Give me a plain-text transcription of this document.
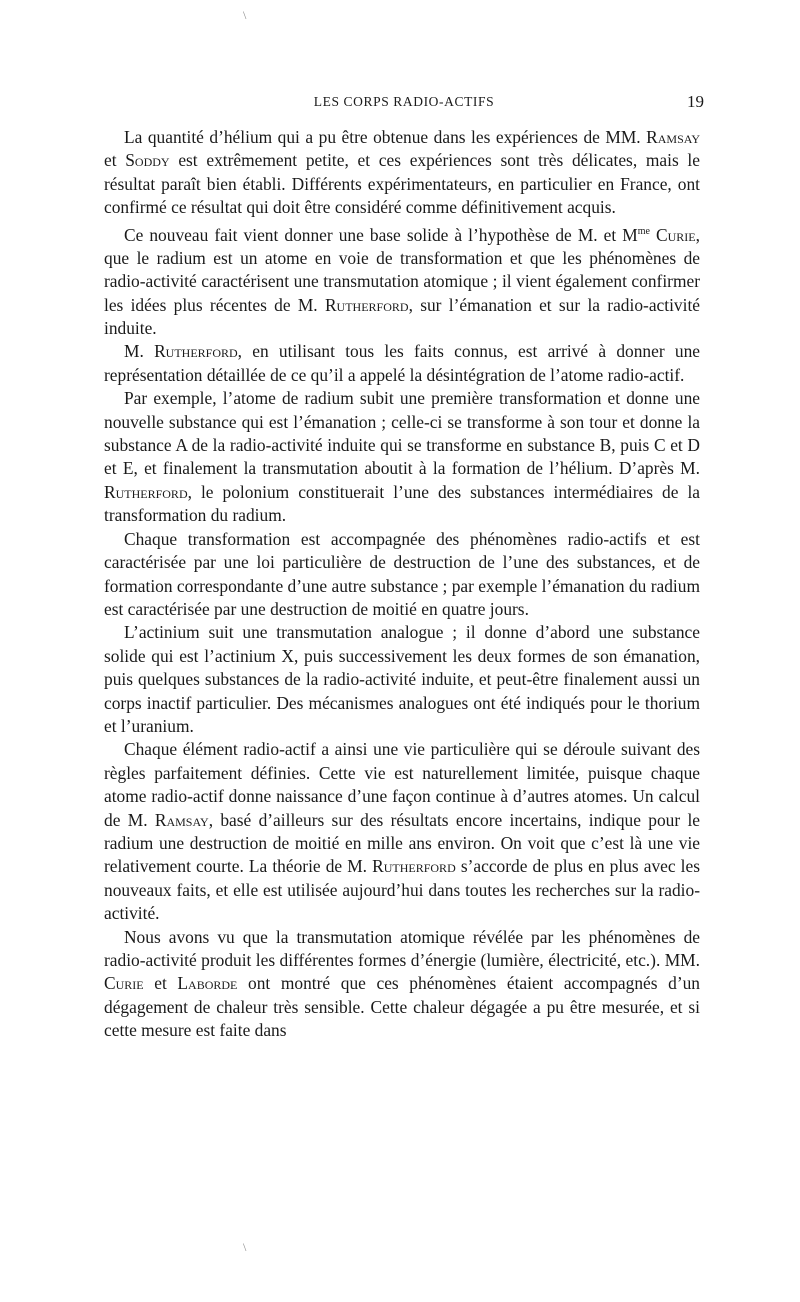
LES CORPS RADIO-ACTIFS	19

La quantité d’hélium qui a pu être obtenue dans les expériences de MM. Ramsay et Soddy est extrêmement petite, et ces expériences sont très délicates, mais le résultat paraît bien établi. Différents expérimentateurs, en particulier en France, ont confirmé ce résultat qui doit être considéré comme définitivement acquis.

Ce nouveau fait vient donner une base solide à l’hypothèse de M. et $M^{me}$ Curie, que le radium est un atome en voie de transformation et que les phénomènes de radio-activité caractérisent une transmutation atomique ; il vient également confirmer les idées plus récentes de M. Rutherford, sur l’émanation et sur la radio-activité induite.

M. Rutherford, en utilisant tous les faits connus, est arrivé à donner une représentation détaillée de ce qu’il a appelé la désintégration de l’atome radio-actif.

Par exemple, l’atome de radium subit une première transformation et donne une nouvelle substance qui est l’émanation ; celle-ci se transforme à son tour et donne la substance A de la radio-activité induite qui se transforme en substance B, puis C et D et E, et finalement la transmutation aboutit à la formation de l’hélium. D’après M. Rutherford, le polonium constituerait l’une des substances intermédiaires de la transformation du radium.

Chaque transformation est accompagnée des phénomènes radio-actifs et est caractérisée par une loi particulière de destruction de l’une des substances, et de formation correspondante d’une autre substance ; par exemple l’émanation du radium est caractérisée par une destruction de moitié en quatre jours.

L’actinium suit une transmutation analogue ; il donne d’abord une substance solide qui est l’actinium X, puis successivement les deux formes de son émanation, puis quelques substances de la radio-activité induite, et peut-être finalement aussi un corps inactif particulier. Des mécanismes analogues ont été indiqués pour le thorium et l’uranium.

Chaque élément radio-actif a ainsi une vie particulière qui se déroule suivant des règles parfaitement définies. Cette vie est naturellement limitée, puisque chaque atome radio-actif donne naissance d’une façon continue à d’autres atomes. Un calcul de M. Ramsay, basé d’ailleurs sur des résultats encore incertains, indique pour le radium une destruction de moitié en mille ans environ. On voit que c’est là une vie relativement courte. La théorie de M. Rutherford s’accorde de plus en plus avec les nouveaux faits, et elle est utilisée aujourd’hui dans toutes les recherches sur la radio-activité.

Nous avons vu que la transmutation atomique révélée par les phénomènes de radio-activité produit les différentes formes d’énergie (lumière, électricité, etc.). MM. Curie et Laborde ont montré que ces phénomènes étaient accompagnés d’un dégagement de chaleur très sensible. Cette chaleur dégagée a pu être mesurée, et si cette mesure est faite dans

\
\
